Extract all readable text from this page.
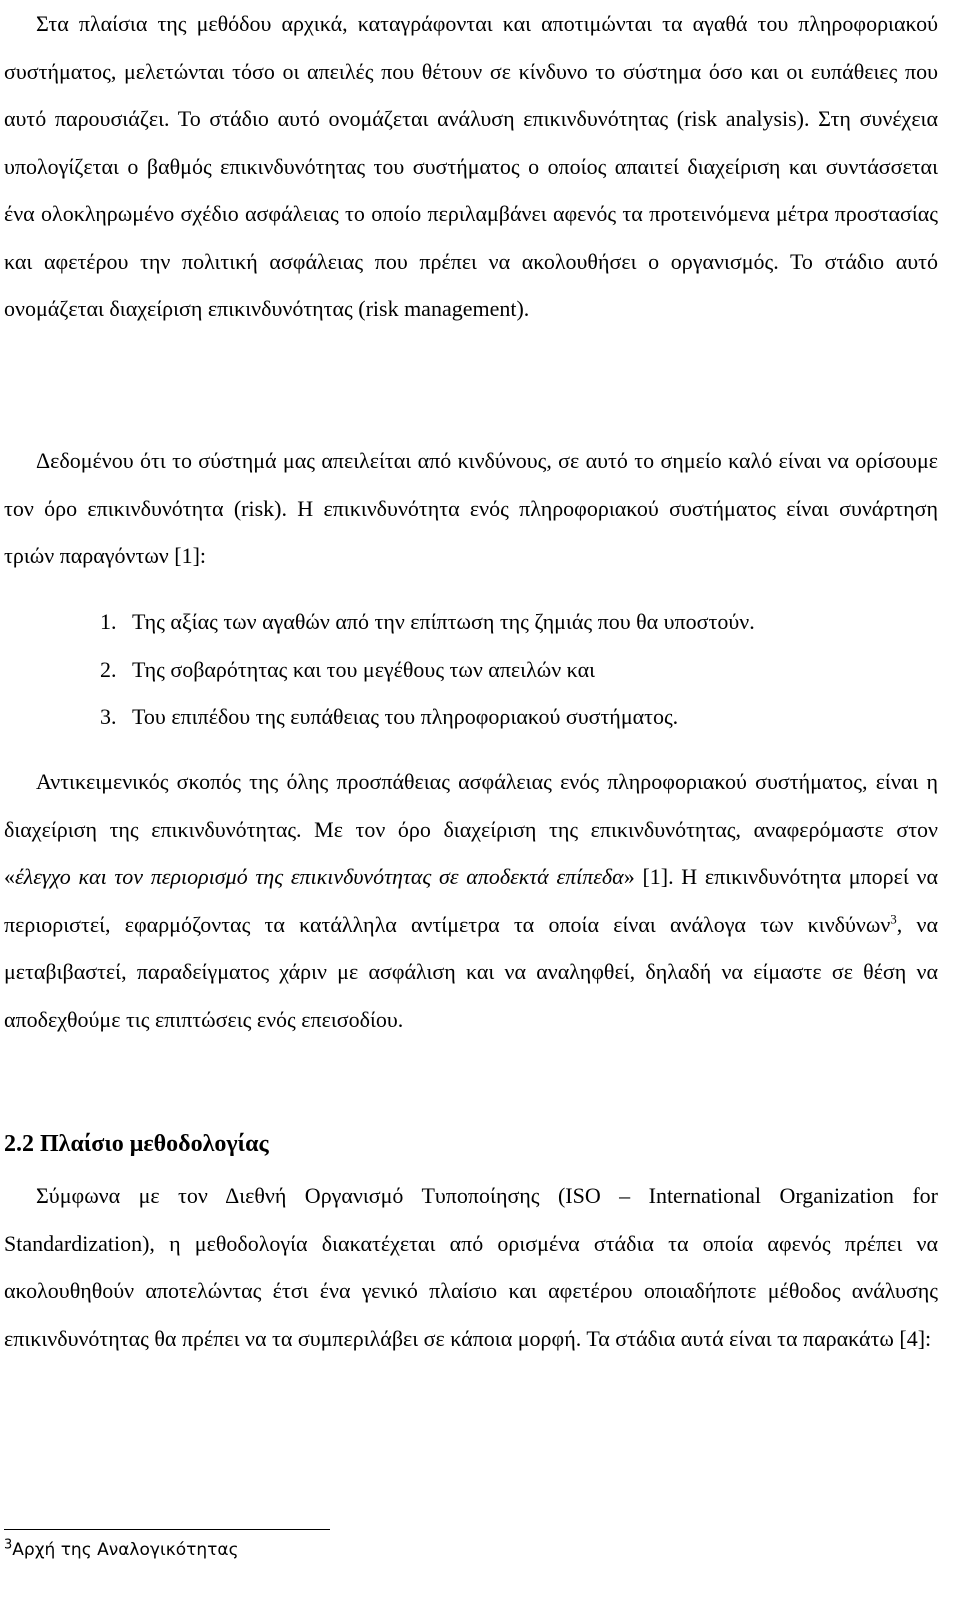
Στα πλαίσια της μεθόδου αρχικά, καταγράφονται και αποτιμώνται τα αγαθά του πληροφοριακού συστήματος, μελετώνται τόσο οι απειλές που θέτουν σε κίνδυνο το σύστημα όσο και οι ευπάθειες που αυτό παρουσιάζει. Το στάδιο αυτό ονομάζεται ανάλυση επικινδυνότητας (risk analysis). Στη συνέχεια υπολογίζεται ο βαθμός επικινδυνότητας του συστήματος ο οποίος απαιτεί διαχείριση και συντάσσεται ένα ολοκληρωμένο σχέδιο ασφάλειας το οποίο περιλαμβάνει αφενός τα προτεινόμενα μέτρα προστασίας και αφετέρου την πολιτική ασφάλειας που πρέπει να ακολουθήσει ο οργανισμός. Το στάδιο αυτό ονομάζεται διαχείριση επικινδυνότητας (risk management).

Δεδομένου ότι το σύστημά μας απειλείται από κινδύνους, σε αυτό το σημείο καλό είναι να ορίσουμε τον όρο επικινδυνότητα (risk). Η επικινδυνότητα ενός πληροφοριακού συστήματος είναι συνάρτηση τριών παραγόντων [1]:

1. Της αξίας των αγαθών από την επίπτωση της ζημιάς που θα υποστούν.
2. Της σοβαρότητας και του μεγέθους των απειλών και
3. Του επιπέδου της ευπάθειας του πληροφοριακού συστήματος.

Αντικειμενικός σκοπός της όλης προσπάθειας ασφάλειας ενός πληροφοριακού συστήματος, είναι η διαχείριση της επικινδυνότητας. Με τον όρο διαχείριση της επικινδυνότητας, αναφερόμαστε στον «έλεγχο και τον περιορισμό της επικινδυνότητας σε αποδεκτά επίπεδα» [1]. Η επικινδυνότητα μπορεί να περιοριστεί, εφαρμόζοντας τα κατάλληλα αντίμετρα τα οποία είναι ανάλογα των κινδύνων$^3$, να μεταβιβαστεί, παραδείγματος χάριν με ασφάλιση και να αναληφθεί, δηλαδή να είμαστε σε θέση να αποδεχθούμε τις επιπτώσεις ενός επεισοδίου.

2.2 Πλαίσιο μεθοδολογίας

Σύμφωνα με τον Διεθνή Οργανισμό Τυποποίησης (ISO – International Organization for Standardization), η μεθοδολογία διακατέχεται από ορισμένα στάδια τα οποία αφενός πρέπει να ακολουθηθούν αποτελώντας έτσι ένα γενικό πλαίσιο και αφετέρου οποιαδήποτε μέθοδος ανάλυσης επικινδυνότητας θα πρέπει να τα συμπεριλάβει σε κάποια μορφή. Τα στάδια αυτά είναι τα παρακάτω [4]:

$^3$Αρχή της Αναλογικότητας
